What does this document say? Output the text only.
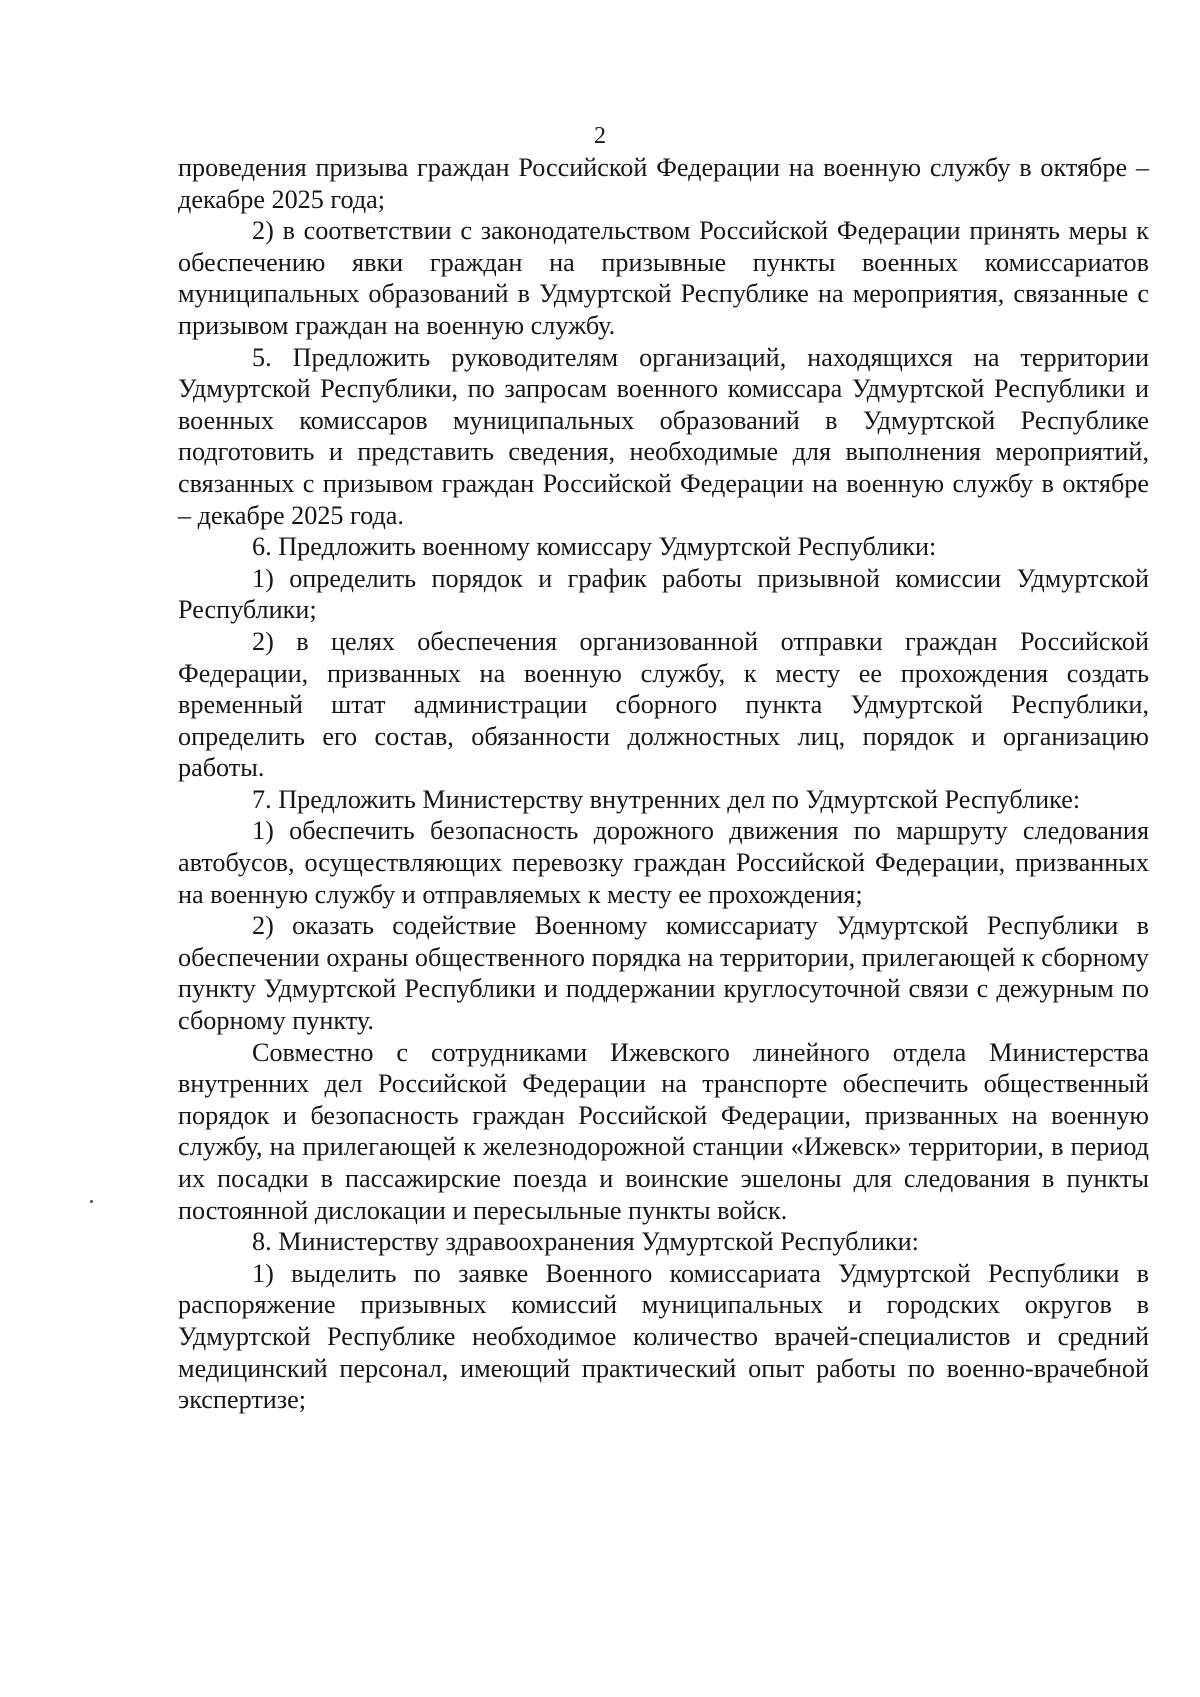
2

проведения призыва граждан Российской Федерации на военную службу в октябре – декабре 2025 года;

2) в соответствии с законодательством Российской Федерации принять меры к обеспечению явки граждан на призывные пункты военных комиссариатов муниципальных образований в Удмуртской Республике на мероприятия, связанные с призывом граждан на военную службу.

5. Предложить руководителям организаций, находящихся на территории Удмуртской Республики, по запросам военного комиссара Удмуртской Республики и военных комиссаров муниципальных образований в Удмуртской Республике подготовить и представить сведения, необходимые для выполнения мероприятий, связанных с призывом граждан Российской Федерации на военную службу в октябре – декабре 2025 года.

6. Предложить военному комиссару Удмуртской Республики:

1) определить порядок и график работы призывной комиссии Удмуртской Республики;

2) в целях обеспечения организованной отправки граждан Российской Федерации, призванных на военную службу, к месту ее прохождения создать временный штат администрации сборного пункта Удмуртской Республики, определить его состав, обязанности должностных лиц, порядок и организацию работы.

7. Предложить Министерству внутренних дел по Удмуртской Республике:

1) обеспечить безопасность дорожного движения по маршруту следования автобусов, осуществляющих перевозку граждан Российской Федерации, призванных на военную службу и отправляемых к месту ее прохождения;

2) оказать содействие Военному комиссариату Удмуртской Республики в обеспечении охраны общественного порядка на территории, прилегающей к сборному пункту Удмуртской Республики и поддержании круглосуточной связи с дежурным по сборному пункту.

Совместно с сотрудниками Ижевского линейного отдела Министерства внутренних дел Российской Федерации на транспорте обеспечить общественный порядок и безопасность граждан Российской Федерации, призванных на военную службу, на прилегающей к железнодорожной станции «Ижевск» территории, в период их посадки в пассажирские поезда и воинские эшелоны для следования в пункты постоянной дислокации и пересыльные пункты войск.

8. Министерству здравоохранения Удмуртской Республики:

1) выделить по заявке Военного комиссариата Удмуртской Республики в распоряжение призывных комиссий муниципальных и городских округов в Удмуртской Республике необходимое количество врачей-специалистов и средний медицинский персонал, имеющий практический опыт работы по военно-врачебной экспертизе;
